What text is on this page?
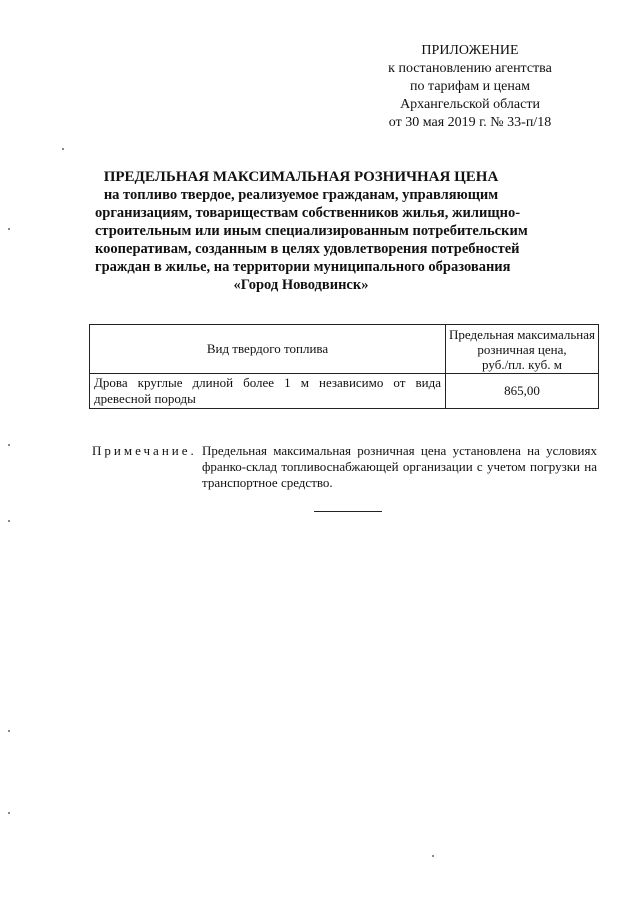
ПРИЛОЖЕНИЕ
к постановлению агентства
по тарифам и ценам
Архангельской области
от 30 мая 2019 г. № 33-п/18
ПРЕДЕЛЬНАЯ МАКСИМАЛЬНАЯ РОЗНИЧНАЯ ЦЕНА
на топливо твердое, реализуемое гражданам, управляющим
организациям, товариществам собственников жилья, жилищно-
строительным или иным специализированным потребительским
кооперативам, созданным в целях удовлетворения потребностей
граждан в жилье, на территории муниципального образования
«Город Новодвинск»
Вид твердого топлива	Предельная максимальная
розничная цена,
руб./пл. куб. м

Дрова круглые длиной более 1 м независимо от вида древесной породы	865,00
Примечание. Предельная максимальная розничная цена установлена на условиях франко-склад топливоснабжающей организации с учетом погрузки на транспортное средство.
